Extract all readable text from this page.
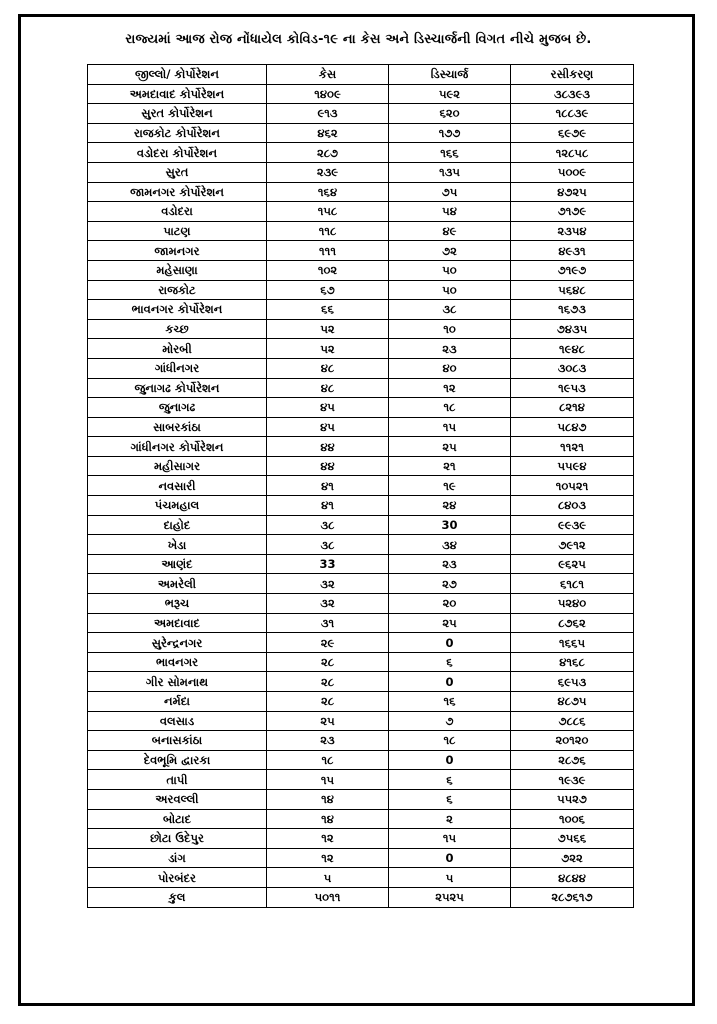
રાજ્યમાં આજ રોજ નોંધાયેલ કોવિડ-૧૯ ના કેસ અને ડિસ્ચાર્જની વિગત નીચે મુજબ છે.
જીલ્લો/ કોર્પોરેશન	કેસ	ડિસ્ચાર્જ	રસીકરણ
અમદાવાદ કોર્પોરેશન	૧૪૦૯	૫૯૨	૩૮૩૯૩
સુરત કોર્પોરેશન	૯૧૩	૬૨૦	૧૮૮૩૯
રાજકોટ કોર્પોરેશન	૪૬૨	૧૭૭	૬૯૭૯
વડોદરા કોર્પોરેશન	૨૮૭	૧૬૬	૧૨૮૫૮
સુરત	૨૩૯	૧૩૫	૫૦૦૯
જામનગર કોર્પોરેશન	૧૬૪	૭૫	૪૭૨૫
વડોદરા	૧૫૮	૫૪	૭૧૭૯
પાટણ	૧૧૮	૪૯	૨૩૫૪
જામનગર	૧૧૧	૭૨	૪૯૩૧
મહેસાણા	૧૦૨	૫૦	૭૧૯૭
રાજકોટ	૬૭	૫૦	૫૬૪૮
ભાવનગર કોર્પોરેશન	૬૬	૩૮	૧૬૭૩
કચ્છ	૫૨	૧૦	૭૪૩૫
મોરબી	૫૨	૨૩	૧૯૪૮
ગાંધીનગર	૪૮	૪૦	૩૦૮૩
જુનાગઢ કોર્પોરેશન	૪૮	૧૨	૧૯૫૩
જુનાગઢ	૪૫	૧૮	૮૨૧૪
સાબરકાંઠા	૪૫	૧૫	૫૮૪૭
ગાંધીનગર કોર્પોરેશન	૪૪	૨૫	૧૧૨૧
મહીસાગર	૪૪	૨૧	૫૫૯૪
નવસારી	૪૧	૧૯	૧૦૫૨૧
પંચમહાલ	૪૧	૨૪	૮૪૦૩
દાહોદ	૩૮	30	૯૯૩૯
ખેડા	૩૮	૩૪	૭૯૧૨
આણંદ	33	૨૩	૯૬૨૫
અમરેલી	૩૨	૨૭	૬૧૮૧
ભરૂચ	૩૨	૨૦	૫૨૪૦
અમદાવાદ	૩૧	૨૫	૮૭૬૨
સુરેન્દ્રનગર	૨૯	0	૧૬૬૫
ભાવનગર	૨૮	૬	૪૧૬૮
ગીર સોમનાથ	૨૮	0	૬૯૫૩
નર્મદા	૨૮	૧૬	૪૮૭૫
વલસાડ	૨૫	૭	૭૮૮૬
બનાસકાંઠા	૨૩	૧૮	૨૦૧૨૦
દેવભૂમિ દ્વારકા	૧૮	0	૨૮૭૬
તાપી	૧૫	૬	૧૯૩૯
અરવલ્લી	૧૪	૬	૫૫૨૭
બોટાદ	૧૪	૨	૧૦૦૬
છોટા ઉદેપુર	૧૨	૧૫	૭૫૬૬
ડાંગ	૧૨	0	૭૨૨
પોરબંદર	૫	૫	૪૮૪૪
કુલ	૫૦૧૧	૨૫૨૫	૨૮૭૬૧૭
